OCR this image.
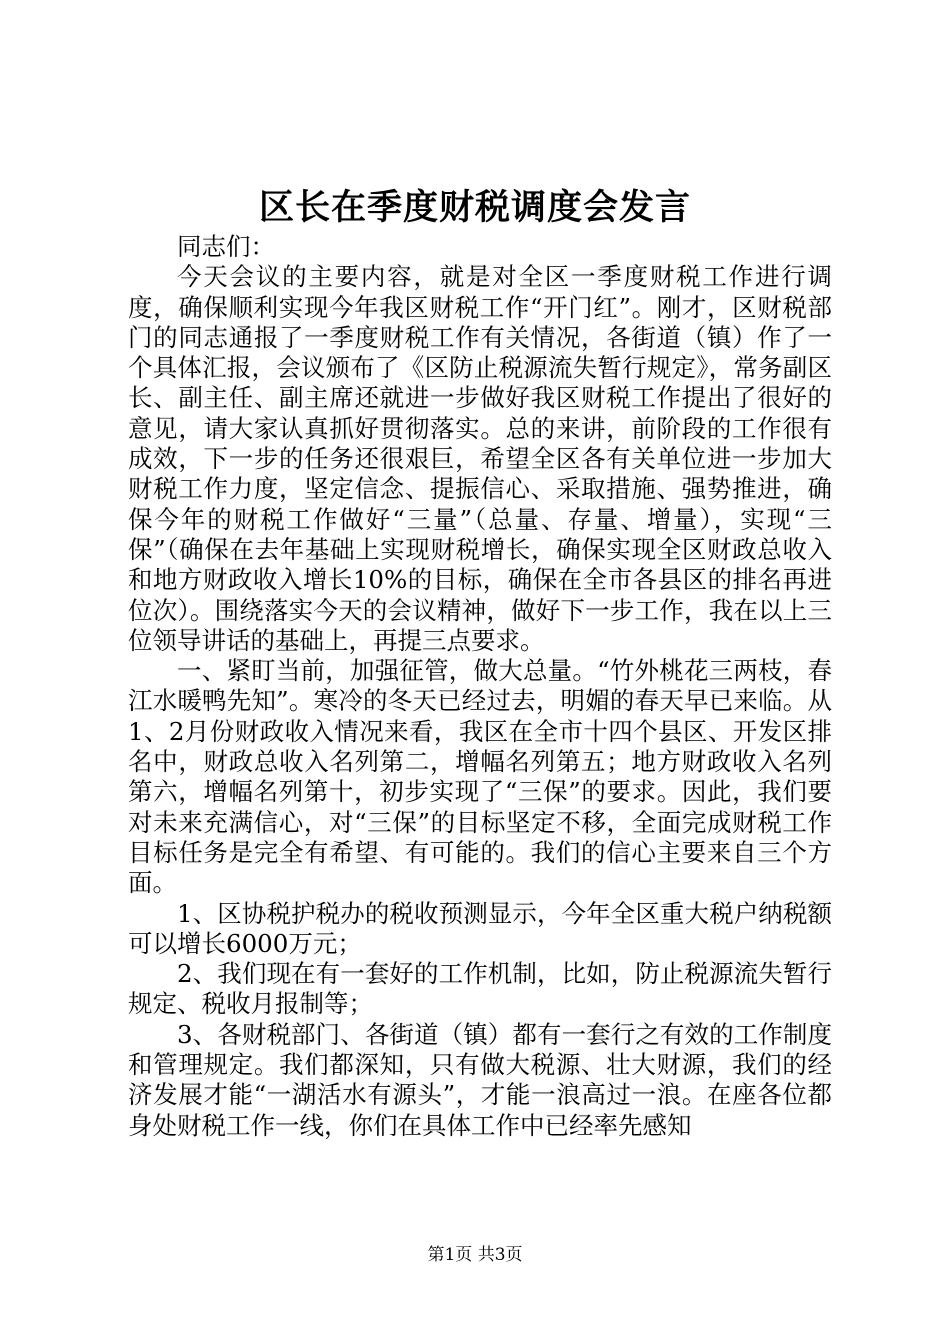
区长在季度财税调度会发言

同志们：

今天会议的主要内容，就是对全区一季度财税工作进行调度，确保顺利实现今年我区财税工作“开门红”。刚才，区财税部门的同志通报了一季度财税工作有关情况，各街道（镇）作了一个具体汇报，会议颁布了《区防止税源流失暂行规定》，常务副区长、副主任、副主席还就进一步做好我区财税工作提出了很好的意见，请大家认真抓好贯彻落实。总的来讲，前阶段的工作很有成效，下一步的任务还很艰巨，希望全区各有关单位进一步加大财税工作力度，坚定信念、提振信心、采取措施、强势推进，确保今年的财税工作做好“三量”（总量、存量、增量），实现“三保”（确保在去年基础上实现财税增长，确保实现全区财政总收入和地方财政收入增长10%的目标，确保在全市各县区的排名再进位次）。围绕落实今天的会议精神，做好下一步工作，我在以上三位领导讲话的基础上，再提三点要求。

一、紧盯当前，加强征管，做大总量。“竹外桃花三两枝，春江水暖鸭先知”。寒冷的冬天已经过去，明媚的春天早已来临。从1、2月份财政收入情况来看，我区在全市十四个县区、开发区排名中，财政总收入名列第二，增幅名列第五；地方财政收入名列第六，增幅名列第十，初步实现了“三保”的要求。因此，我们要对未来充满信心，对“三保”的目标坚定不移，全面完成财税工作目标任务是完全有希望、有可能的。我们的信心主要来自三个方面。

1、区协税护税办的税收预测显示，今年全区重大税户纳税额可以增长6000万元；

2、我们现在有一套好的工作机制，比如，防止税源流失暂行规定、税收月报制等；

3、各财税部门、各街道（镇）都有一套行之有效的工作制度和管理规定。我们都深知，只有做大税源、壮大财源，我们的经济发展才能“一湖活水有源头”，才能一浪高过一浪。在座各位都身处财税工作一线，你们在具体工作中已经率先感知

第1页 共3页
